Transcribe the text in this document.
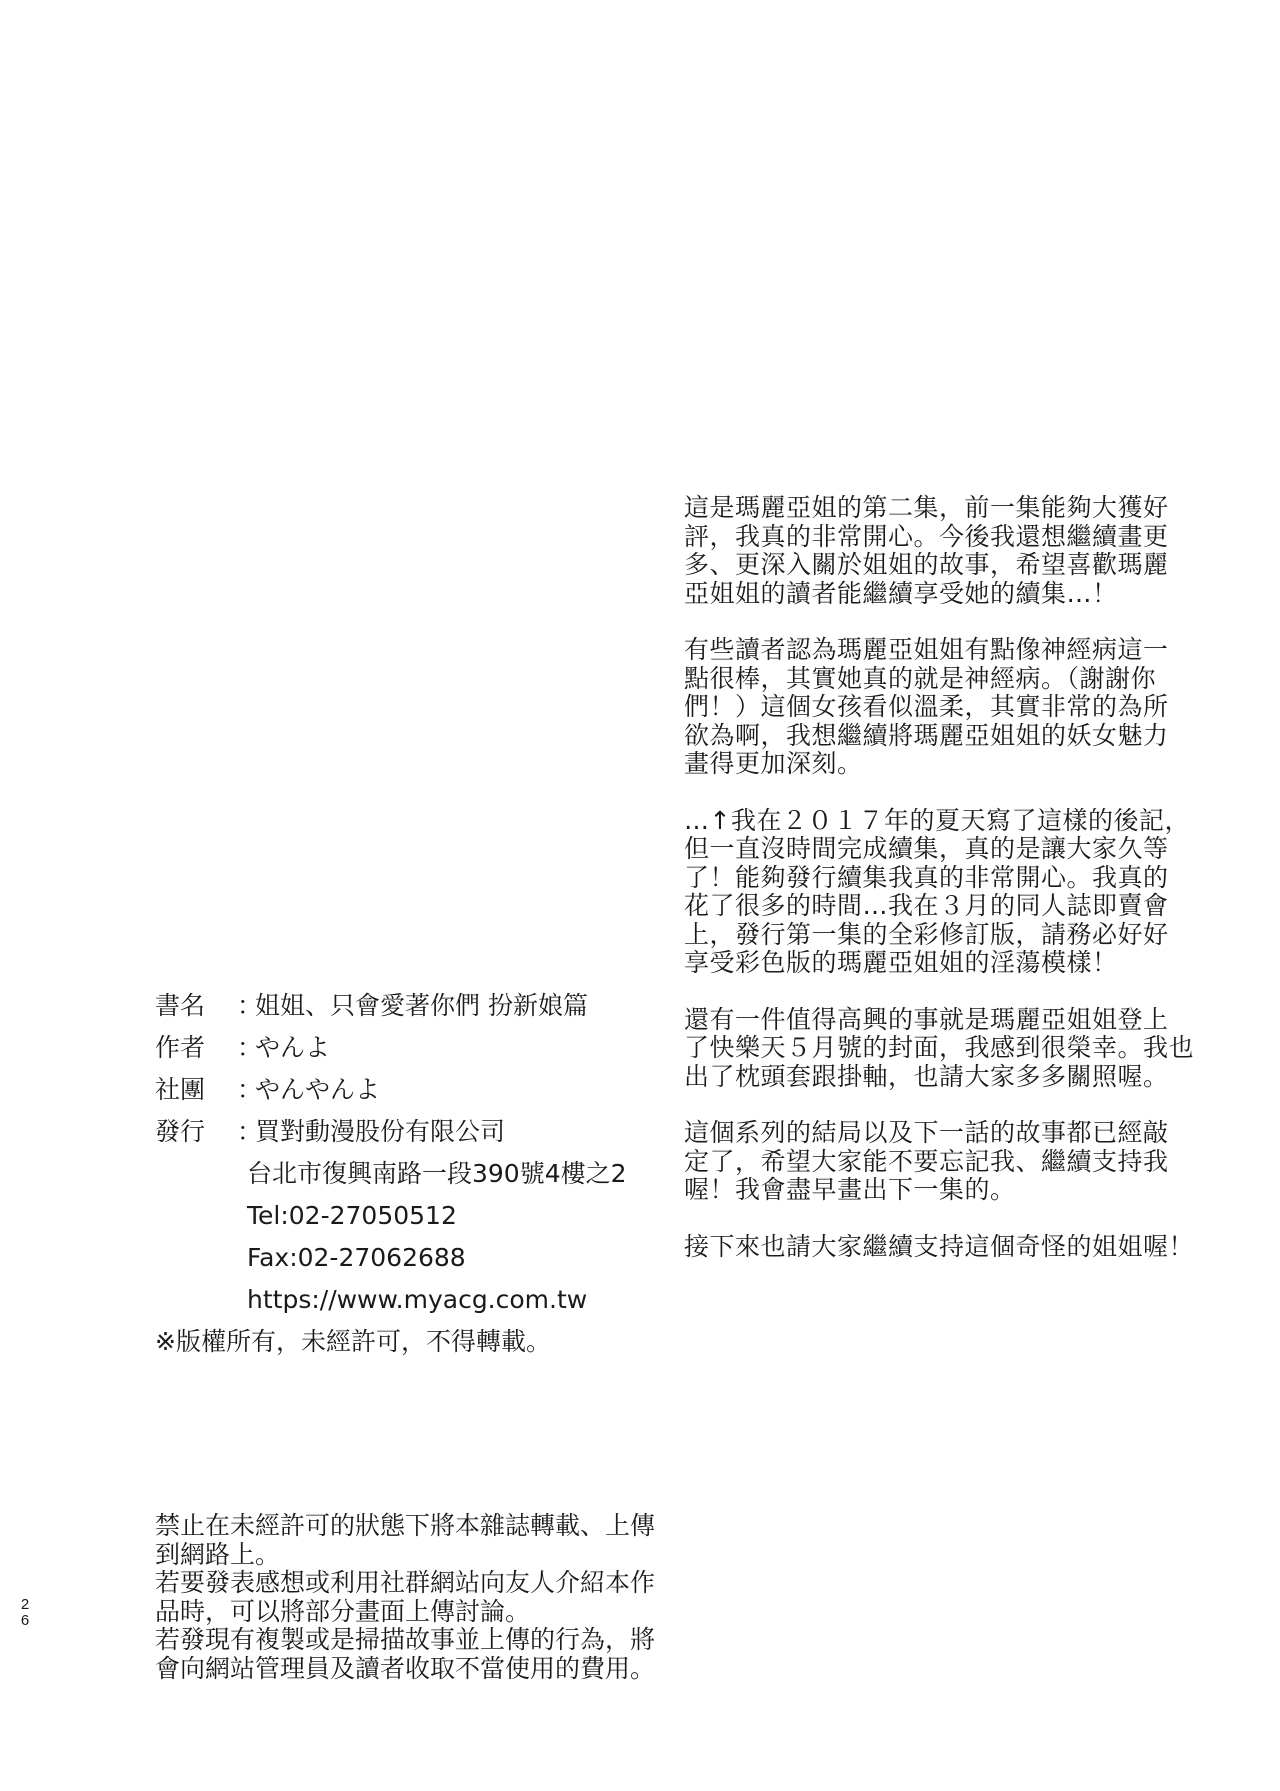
這是瑪麗亞姐的第二集，前一集能夠大獲好
評，我真的非常開心。今後我還想繼續畫更
多、更深入關於姐姐的故事，希望喜歡瑪麗
亞姐姐的讀者能繼續享受她的續集…！
有些讀者認為瑪麗亞姐姐有點像神經病這一
點很棒，其實她真的就是神經病。（謝謝你
們！）這個女孩看似溫柔，其實非常的為所
欲為啊，我想繼續將瑪麗亞姐姐的妖女魅力
畫得更加深刻。
…↑我在２０１７年的夏天寫了這樣的後記，
但一直沒時間完成續集，真的是讓大家久等
了！能夠發行續集我真的非常開心。我真的
花了很多的時間…我在３月的同人誌即賣會
上，發行第一集的全彩修訂版，請務必好好
享受彩色版的瑪麗亞姐姐的淫蕩模樣！
還有一件值得高興的事就是瑪麗亞姐姐登上
了快樂天５月號的封面，我感到很榮幸。我也
出了枕頭套跟掛軸，也請大家多多關照喔。
這個系列的結局以及下一話的故事都已經敲
定了，希望大家能不要忘記我、繼續支持我
喔！我會盡早畫出下一集的。
接下來也請大家繼續支持這個奇怪的姐姐喔！
書名 ：
姐姐、只會愛著你們 扮新娘篇
作者 ：
やんよ
社團 ：
やんやんよ
發行 ：
買對動漫股份有限公司
台北市復興南路一段390號4樓之2
Tel:02-27050512
Fax:02-27062688
https://www.myacg.com.tw
※版權所有，未經許可，不得轉載。
禁止在未經許可的狀態下將本雜誌轉載、上傳
到網路上。
若要發表感想或利用社群網站向友人介紹本作
品時，可以將部分畫面上傳討論。
若發現有複製或是掃描故事並上傳的行為，將
會向網站管理員及讀者收取不當使用的費用。
2
6
